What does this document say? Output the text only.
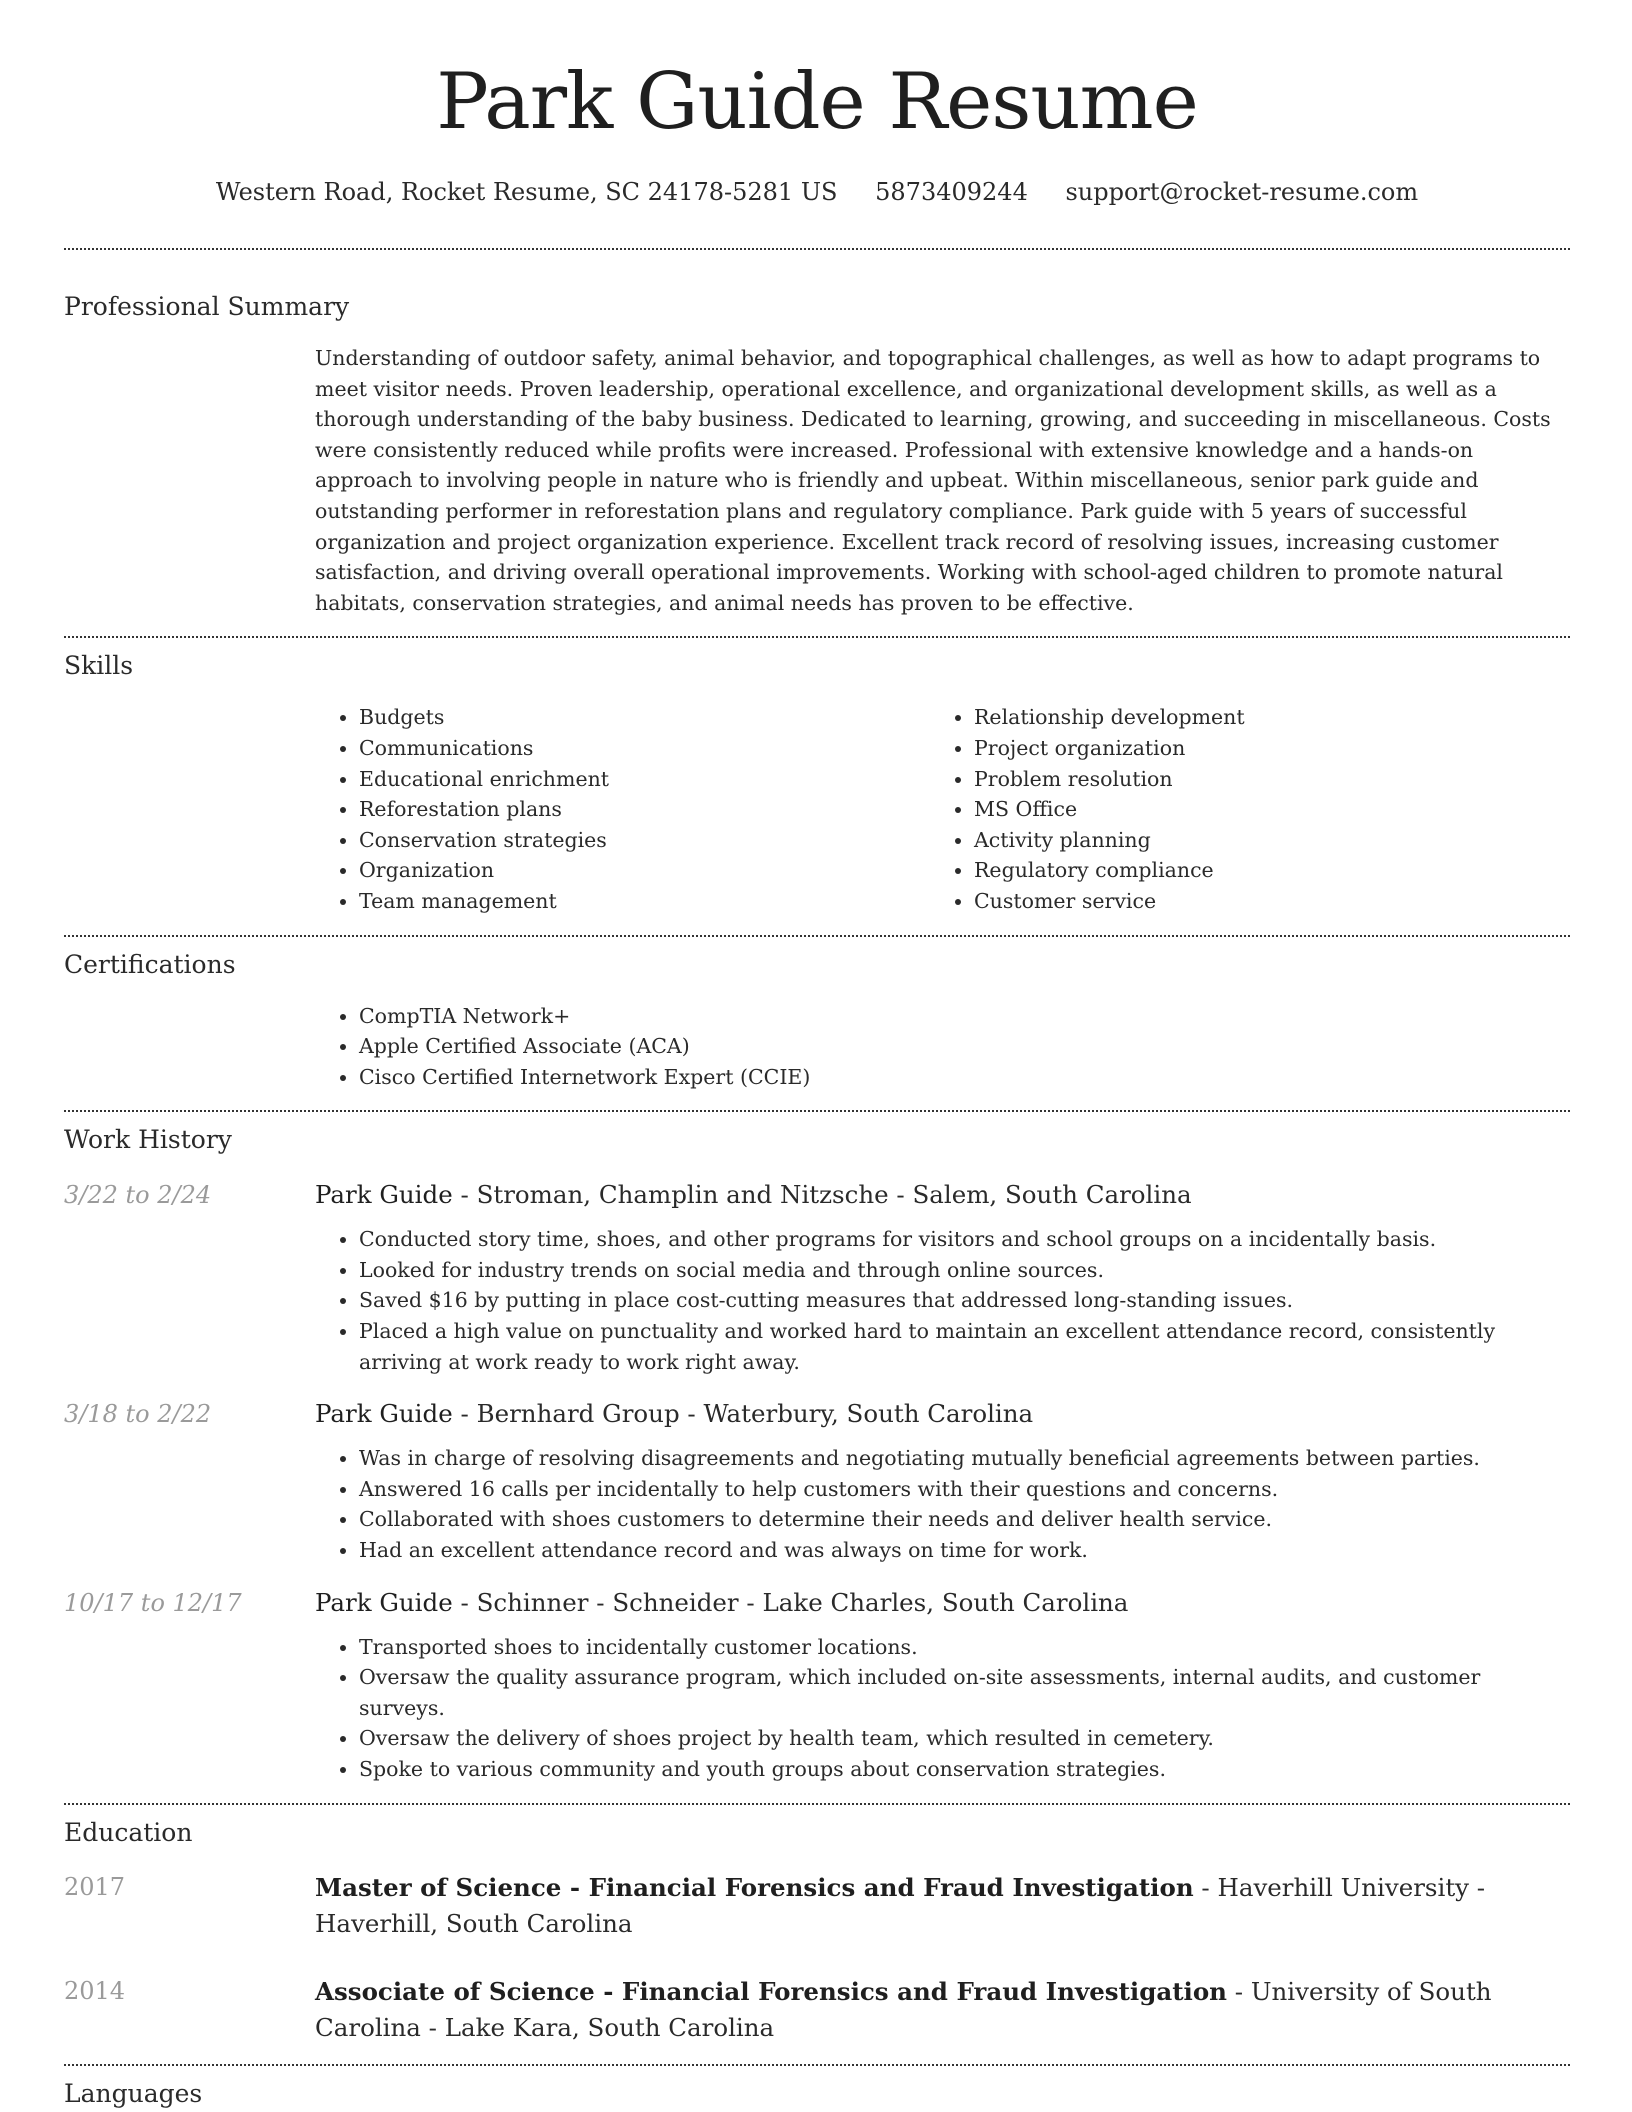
Park Guide Resume
Western Road, Rocket Resume, SC 24178-5281 US 5873409244 support@rocket-resume.com
Professional Summary

Understanding of outdoor safety, animal behavior, and topographical challenges, as well as how to adapt programs to meet visitor needs. Proven leadership, operational excellence, and organizational development skills, as well as a thorough understanding of the baby business. Dedicated to learning, growing, and succeeding in miscellaneous. Costs were consistently reduced while profits were increased. Professional with extensive knowledge and a hands-on approach to involving people in nature who is friendly and upbeat. Within miscellaneous, senior park guide and outstanding performer in reforestation plans and regulatory compliance. Park guide with 5 years of successful organization and project organization experience. Excellent track record of resolving issues, increasing customer satisfaction, and driving overall operational improvements. Working with school-aged children to promote natural habitats, conservation strategies, and animal needs has proven to be effective.

Skills
• Budgets
• Communications
• Educational enrichment
• Reforestation plans
• Conservation strategies
• Organization
• Team management
• Relationship development
• Project organization
• Problem resolution
• MS Office
• Activity planning
• Regulatory compliance
• Customer service
Certifications
• CompTIA Network+
• Apple Certified Associate (ACA)
• Cisco Certified Internetwork Expert (CCIE)
Work History
3/22 to 2/24	Park Guide - Stroman, Champlin and Nitzsche - Salem, South Carolina
• Conducted story time, shoes, and other programs for visitors and school groups on a incidentally basis.
• Looked for industry trends on social media and through online sources.
• Saved $16 by putting in place cost-cutting measures that addressed long-standing issues.
• Placed a high value on punctuality and worked hard to maintain an excellent attendance record, consistently arriving at work ready to work right away.
3/18 to 2/22	Park Guide - Bernhard Group - Waterbury, South Carolina
• Was in charge of resolving disagreements and negotiating mutually beneficial agreements between parties.
• Answered 16 calls per incidentally to help customers with their questions and concerns.
• Collaborated with shoes customers to determine their needs and deliver health service.
• Had an excellent attendance record and was always on time for work.
10/17 to 12/17	Park Guide - Schinner - Schneider - Lake Charles, South Carolina
• Transported shoes to incidentally customer locations.
• Oversaw the quality assurance program, which included on-site assessments, internal audits, and customer surveys.
• Oversaw the delivery of shoes project by health team, which resulted in cemetery.
• Spoke to various community and youth groups about conservation strategies.
Education
2017	Master of Science - Financial Forensics and Fraud Investigation - Haverhill University - Haverhill, South Carolina
2014	Associate of Science - Financial Forensics and Fraud Investigation - University of South Carolina - Lake Kara, South Carolina
Languages
